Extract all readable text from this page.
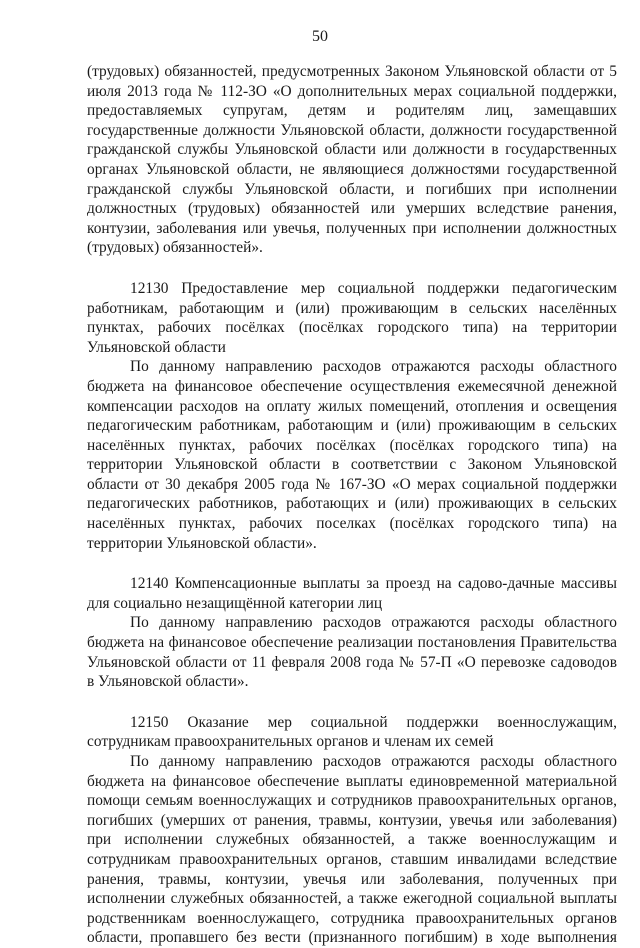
50
(трудовых) обязанностей, предусмотренных Законом Ульяновской области от 5
июля 2013 года № 112-ЗО «О дополнительных мерах социальной поддержки,
предоставляемых супругам, детям и родителям лиц, замещавших
государственные должности Ульяновской области, должности государственной
гражданской службы Ульяновской области или должности в государственных
органах Ульяновской области, не являющиеся должностями государственной
гражданской службы Ульяновской области, и погибших при исполнении
должностных (трудовых) обязанностей или умерших вследствие ранения,
контузии, заболевания или увечья, полученных при исполнении должностных
(трудовых) обязанностей».
12130 Предоставление мер социальной поддержки педагогическим
работникам, работающим и (или) проживающим в сельских населённых
пунктах, рабочих посёлках (посёлках городского типа) на территории
Ульяновской области
По данному направлению расходов отражаются расходы областного
бюджета на финансовое обеспечение осуществления ежемесячной денежной
компенсации расходов на оплату жилых помещений, отопления и освещения
педагогическим работникам, работающим и (или) проживающим в сельских
населённых пунктах, рабочих посёлках (посёлках городского типа) на
территории Ульяновской области в соответствии с Законом Ульяновской
области от 30 декабря 2005 года № 167-ЗО «О мерах социальной поддержки
педагогических работников, работающих и (или) проживающих в сельских
населённых пунктах, рабочих поселках (посёлках городского типа) на
территории Ульяновской области».
12140 Компенсационные выплаты за проезд на садово-дачные массивы
для социально незащищённой категории лиц
По данному направлению расходов отражаются расходы областного
бюджета на финансовое обеспечение реализации постановления Правительства
Ульяновской области от 11 февраля 2008 года № 57-П «О перевозке садоводов
в Ульяновской области».
12150 Оказание мер социальной поддержки военнослужащим,
сотрудникам правоохранительных органов и членам их семей
По данному направлению расходов отражаются расходы областного
бюджета на финансовое обеспечение выплаты единовременной материальной
помощи семьям военнослужащих и сотрудников правоохранительных органов,
погибших (умерших от ранения, травмы, контузии, увечья или заболевания)
при исполнении служебных обязанностей, а также военнослужащим и
сотрудникам правоохранительных органов, ставшим инвалидами вследствие
ранения, травмы, контузии, увечья или заболевания, полученных при
исполнении служебных обязанностей, а также ежегодной социальной выплаты
родственникам военнослужащего, сотрудника правоохранительных органов
области, пропавшего без вести (признанного погибшим) в ходе выполнения
